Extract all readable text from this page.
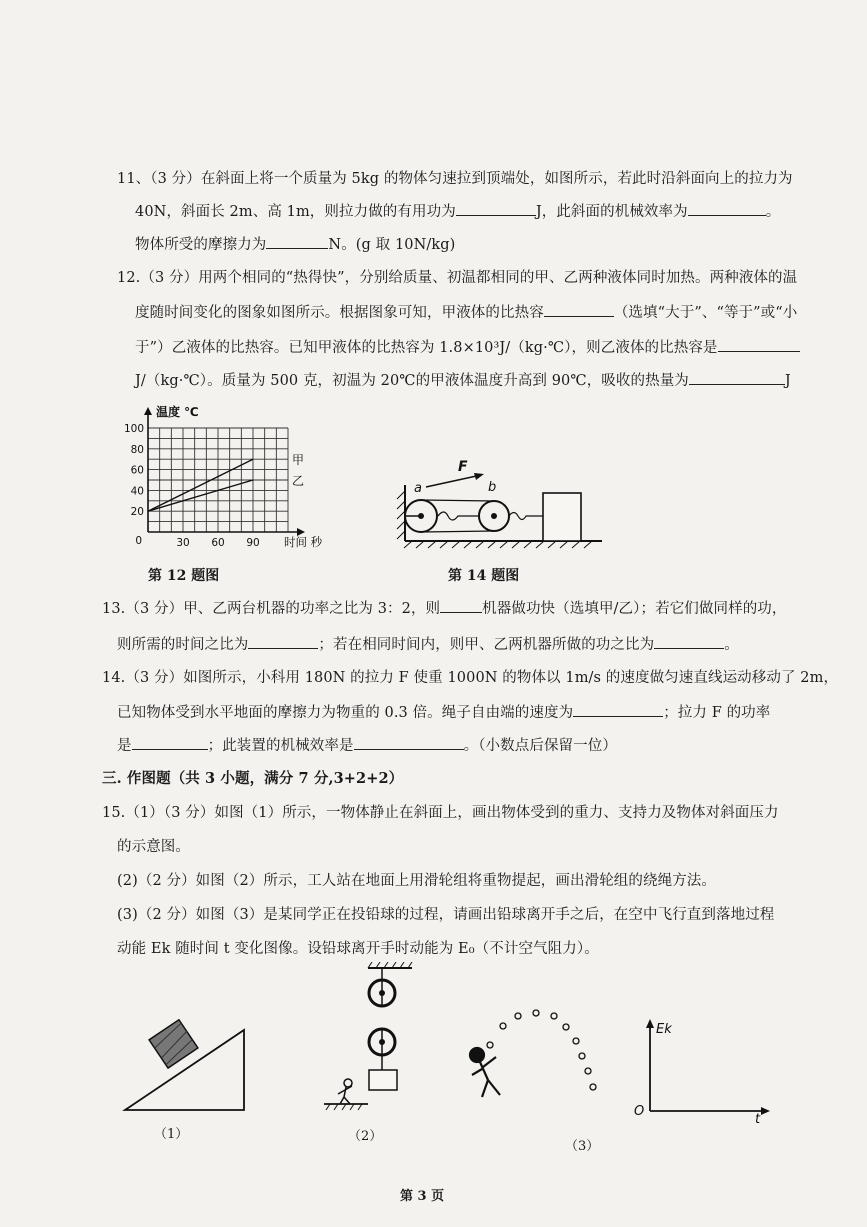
11、（3 分）在斜面上将一个质量为 5kg 的物体匀速拉到顶端处，如图所示，若此时沿斜面向上的拉力为
40N，斜面长 2m、高 1m，则拉力做的有用功为	J，此斜面的机械效率为	。
物体所受的摩擦力为	N。(g 取 10N/kg)
12.（3 分）用两个相同的“热得快”，分别给质量、初温都相同的甲、乙两种液体同时加热。两种液体的温
度随时间变化的图象如图所示。根据图象可知，甲液体的比热容	（选填“大于”、“等于”或“小
于”）乙液体的比热容。已知甲液体的比热容为 1.8×10³J/（kg·℃），则乙液体的比热容是
J/（kg·℃）。质量为 500 克，初温为 20℃的甲液体温度升高到 90℃，吸收的热量为	J
温度 ℃
20
40
60
80
100
30 60 90
0
甲
乙
时间 秒
第 12 题图
F
a	b
第 14 题图
13.（3 分）甲、乙两台机器的功率之比为 3：2，则	机器做功快（选填甲/乙）；若它们做同样的功，
则所需的时间之比为	；若在相同时间内，则甲、乙两机器所做的功之比为	。
14.（3 分）如图所示，小科用 180N 的拉力 F 使重 1000N 的物体以 1m/s 的速度做匀速直线运动移动了 2m，
已知物体受到水平地面的摩擦力为物重的 0.3 倍。绳子自由端的速度为	；拉力 F 的功率
是	；此装置的机械效率是	。（小数点后保留一位）
三. 作图题（共 3 小题，满分 7 分,3+2+2）
15.（1）（3 分）如图（1）所示，一物体静止在斜面上，画出物体受到的重力、支持力及物体对斜面压力
的示意图。
(2)（2 分）如图（2）所示，工人站在地面上用滑轮组将重物提起，画出滑轮组的绕绳方法。
(3)（2 分）如图（3）是某同学正在投铅球的过程，请画出铅球离开手之后，在空中飞行直到落地过程
动能 Ek 随时间 t 变化图像。设铅球离开手时动能为 E₀（不计空气阻力）。
（1）	（2）
（3）
Ek
t
O
第 3 页
